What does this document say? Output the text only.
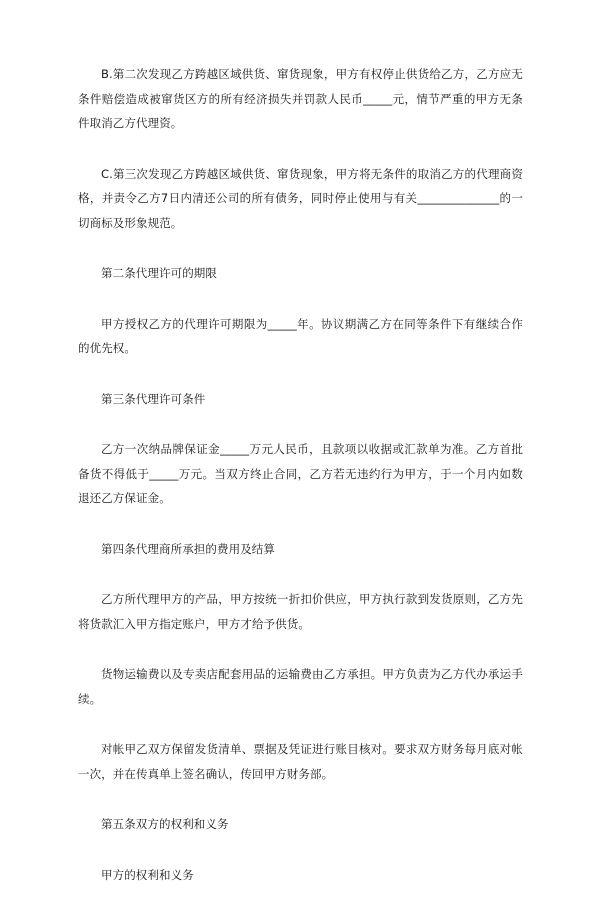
B.第二次发现乙方跨越区域供货、窜货现象，甲方有权停止供货给乙方，乙方应无条件赔偿造成被窜货区方的所有经济损失并罚款人民币_____元，情节严重的甲方无条件取消乙方代理资。

C.第三次发现乙方跨越区域供货、窜货现象，甲方将无条件的取消乙方的代理商资格，并责令乙方7日内清还公司的所有债务，同时停止使用与有关______________的一切商标及形象规范。

第二条代理许可的期限

甲方授权乙方的代理许可期限为_____年。协议期满乙方在同等条件下有继续合作的优先权。

第三条代理许可条件

乙方一次纳品牌保证金_____万元人民币，且款项以收据或汇款单为准。乙方首批备货不得低于_____万元。当双方终止合同，乙方若无违约行为甲方，于一个月内如数退还乙方保证金。

第四条代理商所承担的费用及结算

乙方所代理甲方的产品，甲方按统一折扣价供应，甲方执行款到发货原则，乙方先将货款汇入甲方指定账户，甲方才给予供货。

货物运输费以及专卖店配套用品的运输费由乙方承担。甲方负责为乙方代办承运手续。

对帐甲乙双方保留发货清单、票据及凭证进行账目核对。要求双方财务每月底对帐一次，并在传真单上签名确认，传回甲方财务部。

第五条双方的权利和义务

甲方的权利和义务
